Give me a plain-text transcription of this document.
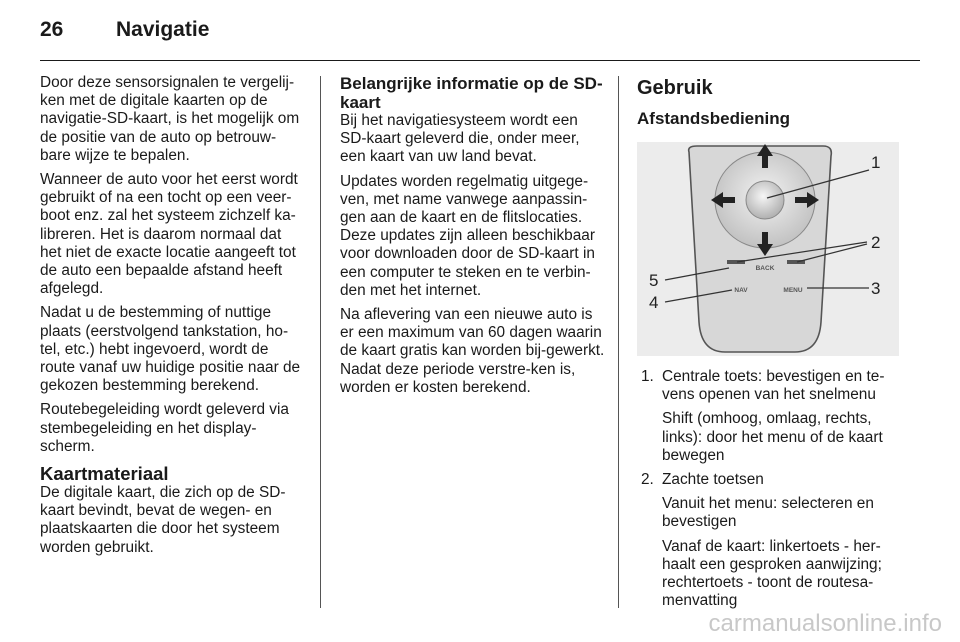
26	Navigatie

Door deze sensorsignalen te vergelij-ken met de digitale kaarten op de navigatie-SD-kaart, is het mogelijk om de positie van de auto op betrouw-bare wijze te bepalen.

Wanneer de auto voor het eerst wordt gebruikt of na een tocht op een veer-boot enz. zal het systeem zichzelf ka-libreren. Het is daarom normaal dat het niet de exacte locatie aangeeft tot de auto een bepaalde afstand heeft afgelegd.

Nadat u de bestemming of nuttige plaats (eerstvolgend tankstation, ho-tel, etc.) hebt ingevoerd, wordt de route vanaf uw huidige positie naar de gekozen bestemming berekend.

Routebegeleiding wordt geleverd via stembegeleiding en het display-scherm.

Kaartmateriaal

De digitale kaart, die zich op de SD-kaart bevindt, bevat de wegen- en plaatskaarten die door het systeem worden gebruikt.

Belangrijke informatie op de SD-kaart

Bij het navigatiesysteem wordt een SD-kaart geleverd die, onder meer, een kaart van uw land bevat.

Updates worden regelmatig uitgege-ven, met name vanwege aanpassin-gen aan de kaart en de flitslocaties. Deze updates zijn alleen beschikbaar voor downloaden door de SD-kaart in een computer te steken en te verbin-den met het internet.

Na aflevering van een nieuwe auto is er een maximum van 60 dagen waarin de kaart gratis kan worden bij-gewerkt. Nadat deze periode verstre-ken is, worden er kosten berekend.

Gebruik
Afstandsbediening
BACK
NAV	MENU
1
2
3
4
5
1. Centrale toets: bevestigen en te-vens openen van het snelmenu

Shift (omhoog, omlaag, rechts, links): door het menu of de kaart bewegen

2. Zachte toetsen

Vanuit het menu: selecteren en bevestigen

Vanaf de kaart: linkertoets - her-haalt een gesproken aanwijzing; rechtertoets - toont de routesa-menvatting

carmanualsonline.info
